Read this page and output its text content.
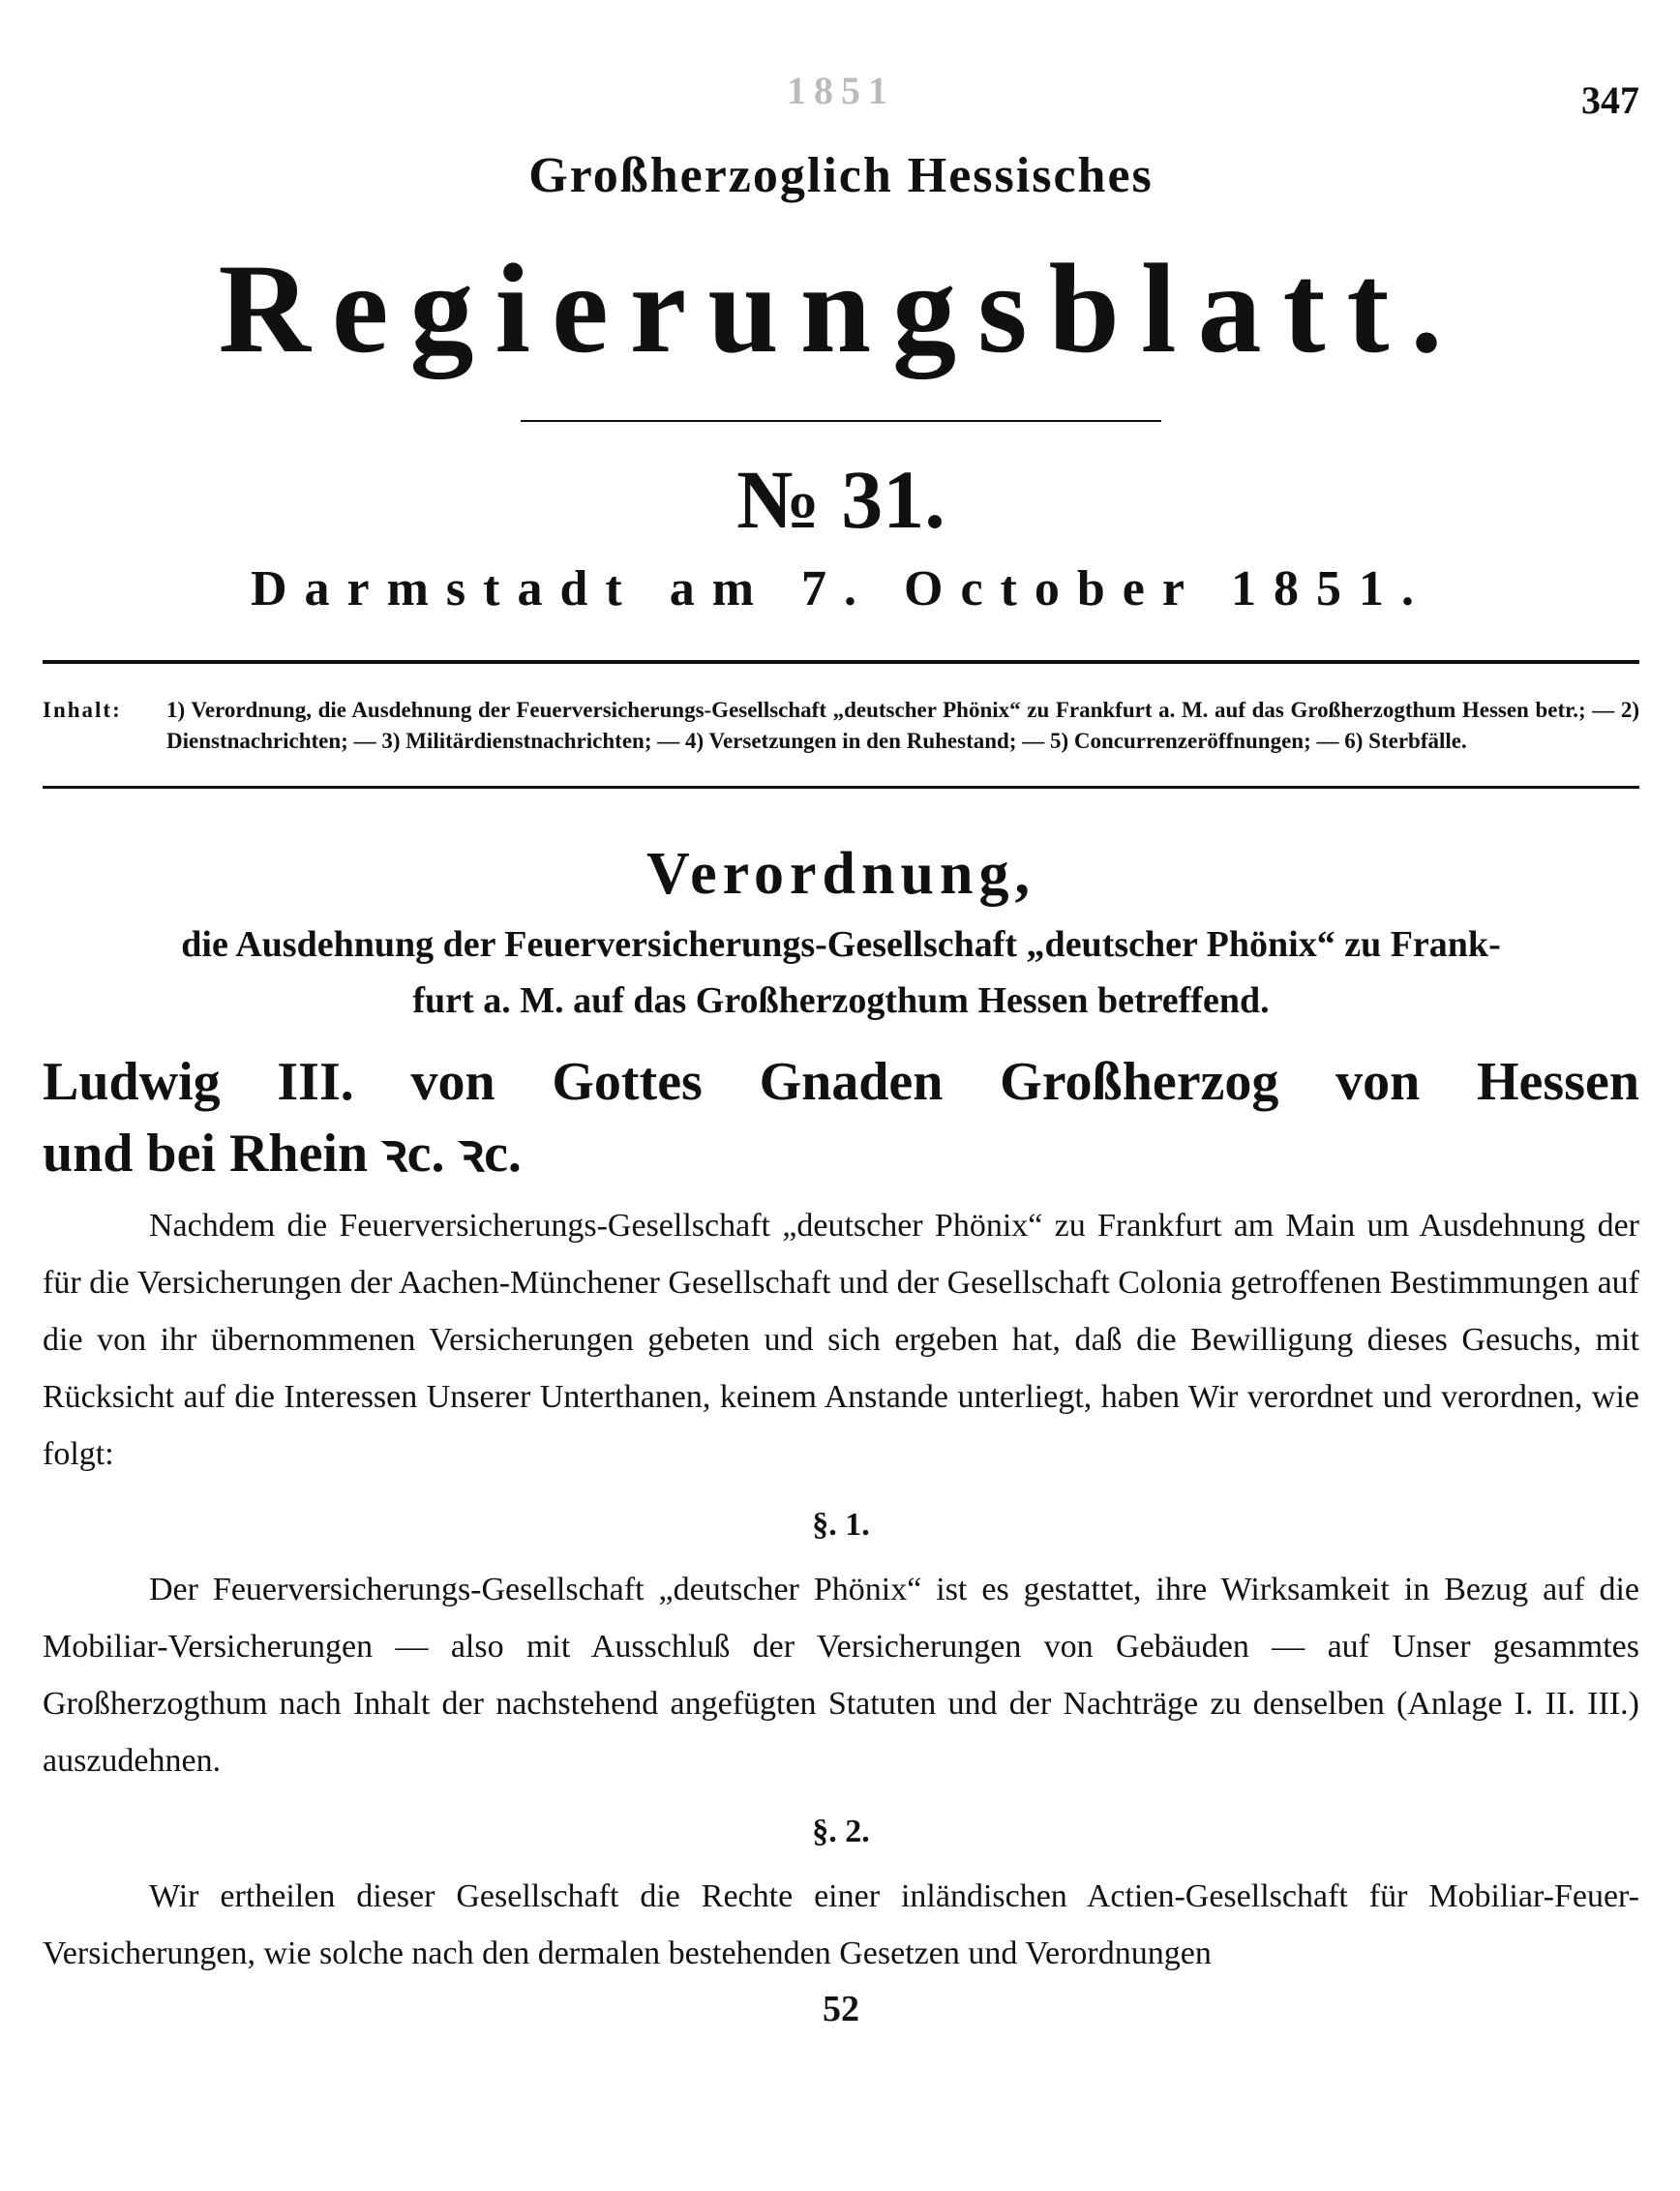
1851	347
Großherzoglich Hessisches
Regierungsblatt.
№ 31.
Darmstadt am 7. October 1851.
Inhalt: 1) Verordnung, die Ausdehnung der Feuerversicherungs-Gesellschaft „deutscher Phönix“ zu Frankfurt a. M. auf das Großherzogthum Hessen betr.; — 2) Dienstnachrichten; — 3) Militärdienstnachrichten; — 4) Versetzungen in den Ruhestand; — 5) Concurrenzeröffnungen; — 6) Sterbfälle.
Verordnung,
die Ausdehnung der Feuerversicherungs-Gesellschaft „deutscher Phönix“ zu Frank-
furt a. M. auf das Großherzogthum Hessen betreffend.
Ludwig III. von Gottes Gnaden Großherzog von Hessen
und bei Rhein ꝛc. ꝛc.
Nachdem die Feuerversicherungs-Gesellschaft „deutscher Phönix“ zu Frankfurt am Main um Ausdehnung der für die Versicherungen der Aachen-Münchener Gesellschaft und der Gesellschaft Colonia getroffenen Bestimmungen auf die von ihr übernommenen Versicherungen gebeten und sich ergeben hat, daß die Bewilligung dieses Gesuchs, mit Rücksicht auf die Interessen Unserer Unterthanen, keinem Anstande unterliegt, haben Wir verordnet und verordnen, wie folgt:
§. 1.
Der Feuerversicherungs-Gesellschaft „deutscher Phönix“ ist es gestattet, ihre Wirksamkeit in Bezug auf die Mobiliar-Versicherungen — also mit Ausschluß der Versicherungen von Gebäuden — auf Unser gesammtes Großherzogthum nach Inhalt der nachstehend angefügten Statuten und der Nachträge zu denselben (Anlage I. II. III.) auszudehnen.
§. 2.
Wir ertheilen dieser Gesellschaft die Rechte einer inländischen Actien-Gesellschaft für Mobiliar-Feuer-Versicherungen, wie solche nach den dermalen bestehenden Gesetzen und Verordnungen
52
